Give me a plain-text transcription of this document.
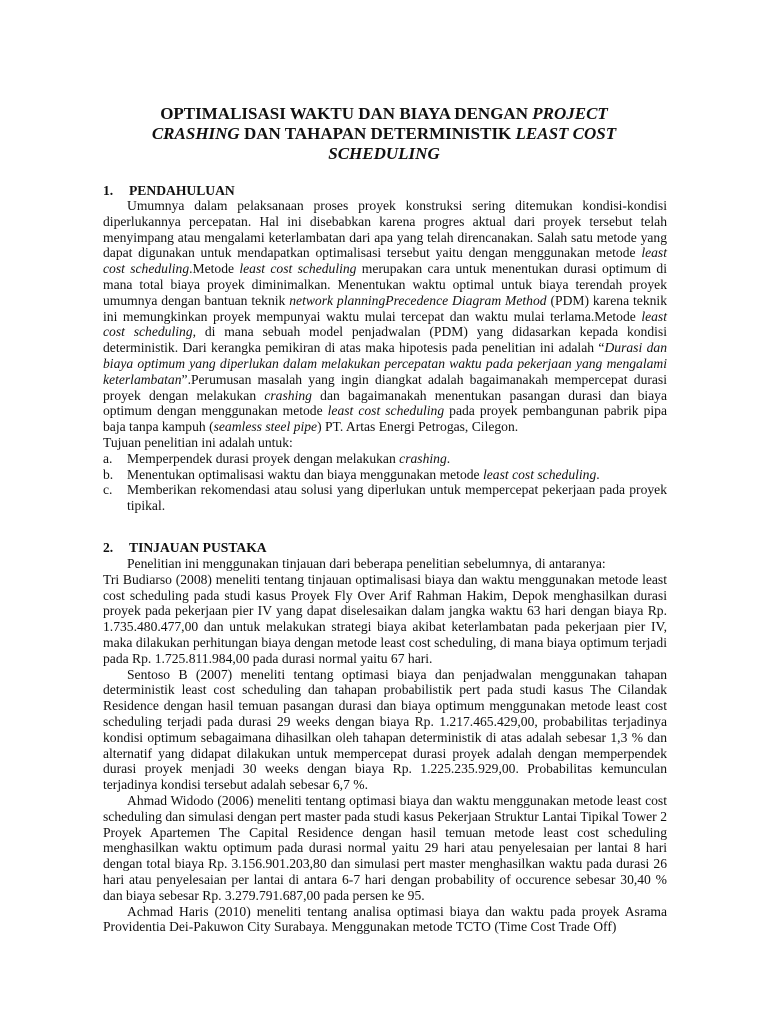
OPTIMALISASI WAKTU DAN BIAYA DENGAN PROJECT
CRASHING DAN TAHAPAN DETERMINISTIK LEAST COST
SCHEDULING
1. PENDAHULUAN

Umumnya dalam pelaksanaan proses proyek konstruksi sering ditemukan kondisi-kondisi diperlukannya percepatan. Hal ini disebabkan karena progres aktual dari proyek tersebut telah menyimpang atau mengalami keterlambatan dari apa yang telah direncanakan. Salah satu metode yang dapat digunakan untuk mendapatkan optimalisasi tersebut yaitu dengan menggunakan metode least cost scheduling.Metode least cost scheduling merupakan cara untuk menentukan durasi optimum di mana total biaya proyek diminimalkan. Menentukan waktu optimal untuk biaya terendah proyek umumnya dengan bantuan teknik network planningPrecedence Diagram Method (PDM) karena teknik ini memungkinkan proyek mempunyai waktu mulai tercepat dan waktu mulai terlama.Metode least cost scheduling, di mana sebuah model penjadwalan (PDM) yang didasarkan kepada kondisi deterministik. Dari kerangka pemikiran di atas maka hipotesis pada penelitian ini adalah “Durasi dan biaya optimum yang diperlukan dalam melakukan percepatan waktu pada pekerjaan yang mengalami keterlambatan”.Perumusan masalah yang ingin diangkat adalah bagaimanakah mempercepat durasi proyek dengan melakukan crashing dan bagaimanakah menentukan pasangan durasi dan biaya optimum dengan menggunakan metode least cost scheduling pada proyek pembangunan pabrik pipa baja tanpa kampuh (seamless steel pipe) PT. Artas Energi Petrogas, Cilegon.

Tujuan penelitian ini adalah untuk:

a. Memperpendek durasi proyek dengan melakukan crashing.
b. Menentukan optimalisasi waktu dan biaya menggunakan metode least cost scheduling.
c. Memberikan rekomendasi atau solusi yang diperlukan untuk mempercepat pekerjaan pada proyek tipikal.
2. TINJAUAN PUSTAKA

Penelitian ini menggunakan tinjauan dari beberapa penelitian sebelumnya, di antaranya:

Tri Budiarso (2008) meneliti tentang tinjauan optimalisasi biaya dan waktu menggunakan metode least cost scheduling pada studi kasus Proyek Fly Over Arif Rahman Hakim, Depok menghasilkan durasi proyek pada pekerjaan pier IV yang dapat diselesaikan dalam jangka waktu 63 hari dengan biaya Rp. 1.735.480.477,00 dan untuk melakukan strategi biaya akibat keterlambatan pada pekerjaan pier IV, maka dilakukan perhitungan biaya dengan metode least cost scheduling, di mana biaya optimum terjadi pada Rp. 1.725.811.984,00 pada durasi normal yaitu 67 hari.

Sentoso B (2007) meneliti tentang optimasi biaya dan penjadwalan menggunakan tahapan deterministik least cost scheduling dan tahapan probabilistik pert pada studi kasus The Cilandak Residence dengan hasil temuan pasangan durasi dan biaya optimum menggunakan metode least cost scheduling terjadi pada durasi 29 weeks dengan biaya Rp. 1.217.465.429,00, probabilitas terjadinya kondisi optimum sebagaimana dihasilkan oleh tahapan deterministik di atas adalah sebesar 1,3 % dan alternatif yang didapat dilakukan untuk mempercepat durasi proyek adalah dengan memperpendek durasi proyek menjadi 30 weeks dengan biaya Rp. 1.225.235.929,00. Probabilitas kemunculan terjadinya kondisi tersebut adalah sebesar 6,7 %.

Ahmad Widodo (2006) meneliti tentang optimasi biaya dan waktu menggunakan metode least cost scheduling dan simulasi dengan pert master pada studi kasus Pekerjaan Struktur Lantai Tipikal Tower 2 Proyek Apartemen The Capital Residence dengan hasil temuan metode least cost scheduling menghasilkan waktu optimum pada durasi normal yaitu 29 hari atau penyelesaian per lantai 8 hari dengan total biaya Rp. 3.156.901.203,80 dan simulasi pert master menghasilkan waktu pada durasi 26 hari atau penyelesaian per lantai di antara 6-7 hari dengan probability of occurence sebesar 30,40 % dan biaya sebesar Rp. 3.279.791.687,00 pada persen ke 95.

Achmad Haris (2010) meneliti tentang analisa optimasi biaya dan waktu pada proyek Asrama Providentia Dei-Pakuwon City Surabaya. Menggunakan metode TCTO (Time Cost Trade Off)
